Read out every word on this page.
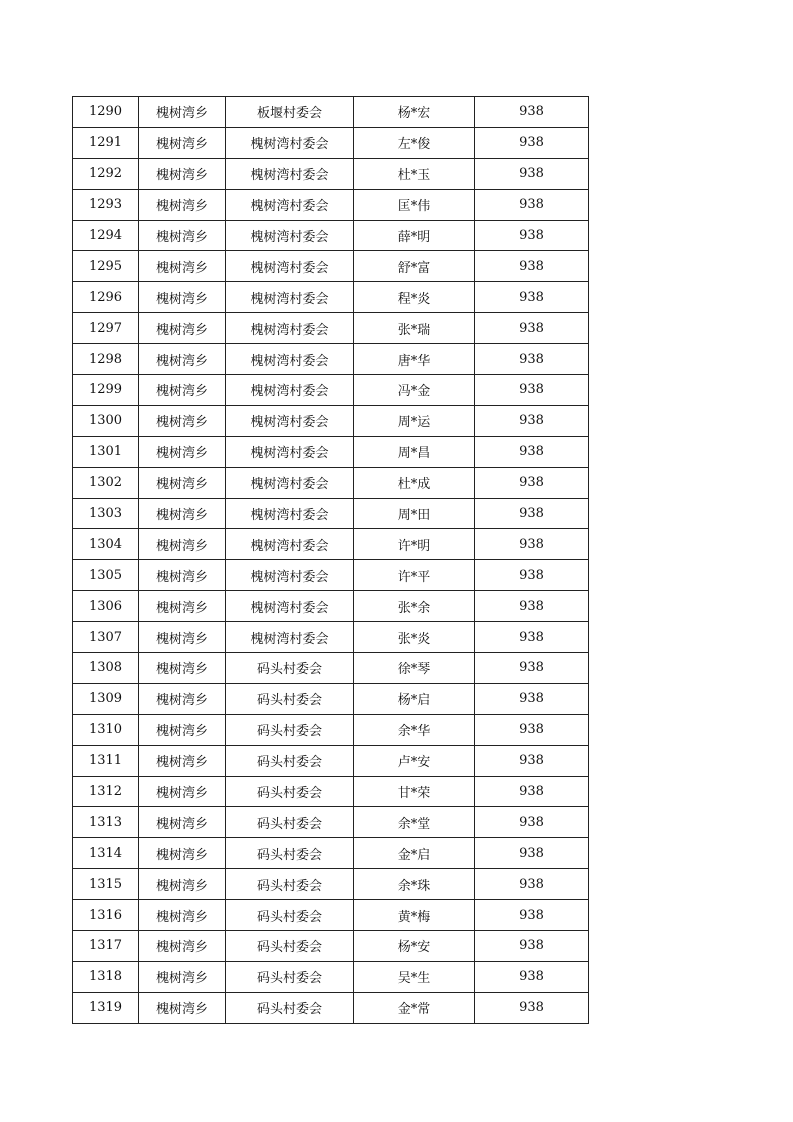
1290	槐树湾乡	板堰村委会	杨*宏	938
1291	槐树湾乡	槐树湾村委会	左*俊	938
1292	槐树湾乡	槐树湾村委会	杜*玉	938
1293	槐树湾乡	槐树湾村委会	匡*伟	938
1294	槐树湾乡	槐树湾村委会	薛*明	938
1295	槐树湾乡	槐树湾村委会	舒*富	938
1296	槐树湾乡	槐树湾村委会	程*炎	938
1297	槐树湾乡	槐树湾村委会	张*瑞	938
1298	槐树湾乡	槐树湾村委会	唐*华	938
1299	槐树湾乡	槐树湾村委会	冯*金	938
1300	槐树湾乡	槐树湾村委会	周*运	938
1301	槐树湾乡	槐树湾村委会	周*昌	938
1302	槐树湾乡	槐树湾村委会	杜*成	938
1303	槐树湾乡	槐树湾村委会	周*田	938
1304	槐树湾乡	槐树湾村委会	许*明	938
1305	槐树湾乡	槐树湾村委会	许*平	938
1306	槐树湾乡	槐树湾村委会	张*余	938
1307	槐树湾乡	槐树湾村委会	张*炎	938
1308	槐树湾乡	码头村委会	徐*琴	938
1309	槐树湾乡	码头村委会	杨*启	938
1310	槐树湾乡	码头村委会	余*华	938
1311	槐树湾乡	码头村委会	卢*安	938
1312	槐树湾乡	码头村委会	甘*荣	938
1313	槐树湾乡	码头村委会	余*堂	938
1314	槐树湾乡	码头村委会	金*启	938
1315	槐树湾乡	码头村委会	余*珠	938
1316	槐树湾乡	码头村委会	黄*梅	938
1317	槐树湾乡	码头村委会	杨*安	938
1318	槐树湾乡	码头村委会	吴*生	938
1319	槐树湾乡	码头村委会	金*常	938
